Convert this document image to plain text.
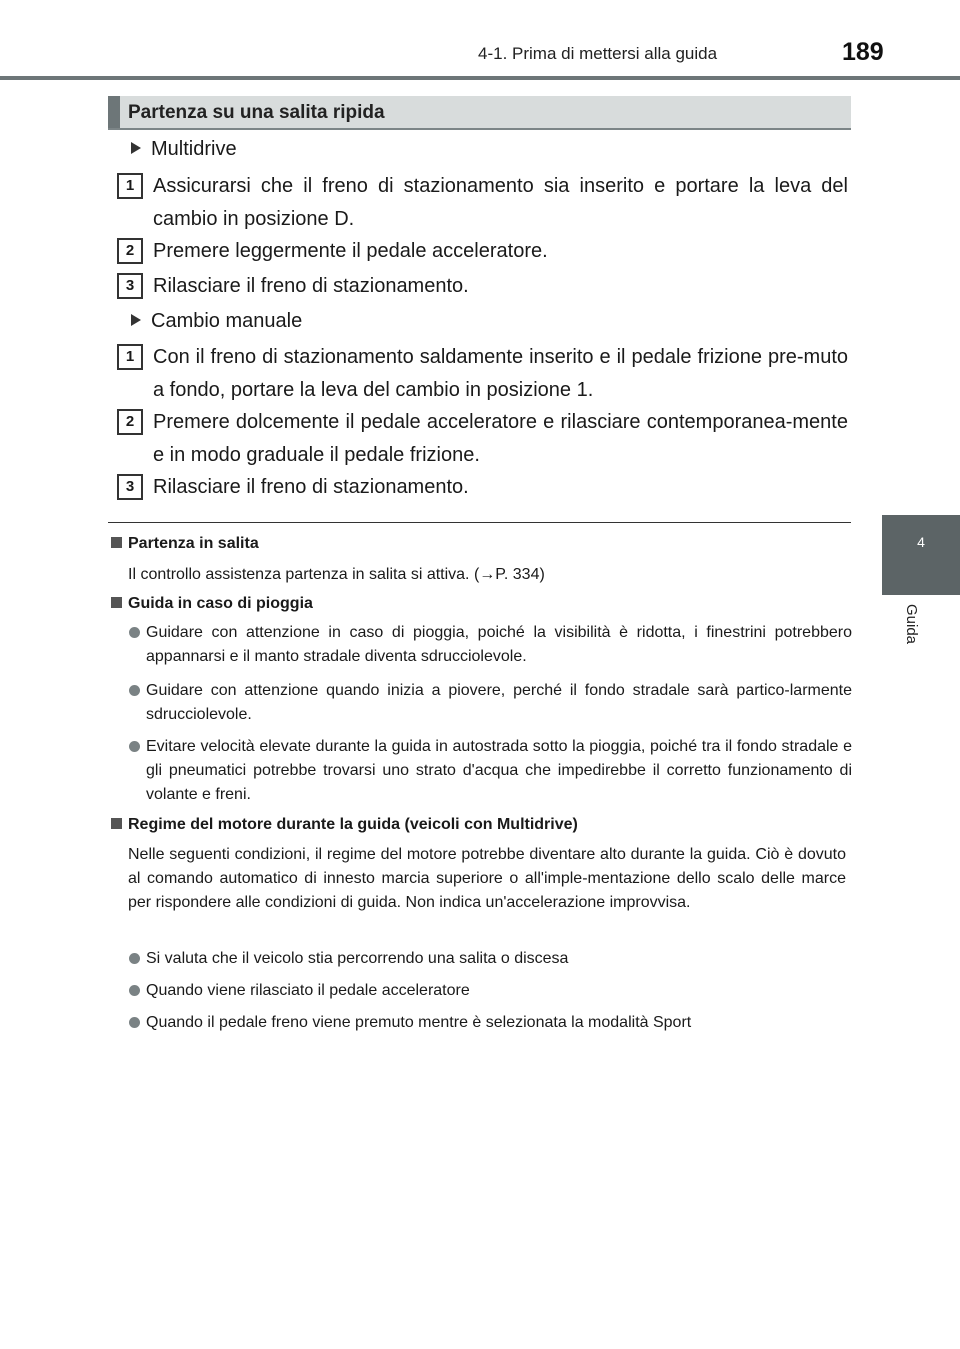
4-1. Prima di mettersi alla guida	189
4
Guida
Partenza su una salita ripida
Multidrive
1 Assicurarsi che il freno di stazionamento sia inserito e portare la leva del cambio in posizione D.
2 Premere leggermente il pedale acceleratore.
3 Rilasciare il freno di stazionamento.
Cambio manuale
1 Con il freno di stazionamento saldamente inserito e il pedale frizione pre-muto a fondo, portare la leva del cambio in posizione 1.
2 Premere dolcemente il pedale acceleratore e rilasciare contemporanea-mente e in modo graduale il pedale frizione.
3 Rilasciare il freno di stazionamento.
Partenza in salita
Il controllo assistenza partenza in salita si attiva. (→P. 334)
Guida in caso di pioggia
Guidare con attenzione in caso di pioggia, poiché la visibilità è ridotta, i finestrini potrebbero appannarsi e il manto stradale diventa sdrucciolevole.
Guidare con attenzione quando inizia a piovere, perché il fondo stradale sarà partico-larmente sdrucciolevole.
Evitare velocità elevate durante la guida in autostrada sotto la pioggia, poiché tra il fondo stradale e gli pneumatici potrebbe trovarsi uno strato d'acqua che impedirebbe il corretto funzionamento di volante e freni.
Regime del motore durante la guida (veicoli con Multidrive)
Nelle seguenti condizioni, il regime del motore potrebbe diventare alto durante la guida. Ciò è dovuto al comando automatico di innesto marcia superiore o all'imple-mentazione dello scalo delle marce per rispondere alle condizioni di guida. Non indica un'accelerazione improvvisa.
Si valuta che il veicolo stia percorrendo una salita o discesa
Quando viene rilasciato il pedale acceleratore
Quando il pedale freno viene premuto mentre è selezionata la modalità Sport
